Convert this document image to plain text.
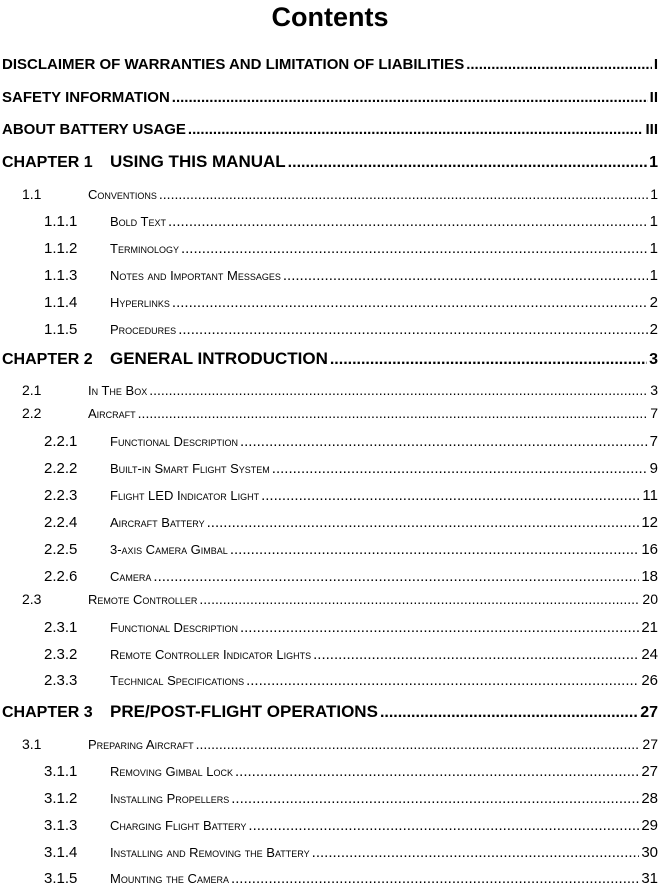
Contents
DISCLAIMER OF WARRANTIES AND LIMITATION OF LIABILITIES .....	I
SAFETY INFORMATION .....	II
ABOUT BATTERY USAGE .....	III
CHAPTER 1	USING THIS MANUAL .....	1
1.1	Conventions .....	1
1.1.1	Bold Text .....	1
1.1.2	Terminology .....	1
1.1.3	Notes and Important Messages .....	1
1.1.4	Hyperlinks .....	2
1.1.5	Procedures .....	2
CHAPTER 2	GENERAL INTRODUCTION .....	3
2.1	In The Box .....	3
2.2	Aircraft .....	7
2.2.1	Functional Description .....	7
2.2.2	Built-in Smart Flight System .....	9
2.2.3	Flight LED Indicator Light .....	11
2.2.4	Aircraft Battery .....	12
2.2.5	3-axis Camera Gimbal .....	16
2.2.6	Camera .....	18
2.3	Remote Controller .....	20
2.3.1	Functional Description .....	21
2.3.2	Remote Controller Indicator Lights .....	24
2.3.3	Technical Specifications .....	26
CHAPTER 3	PRE/POST-FLIGHT OPERATIONS .....	27
3.1	Preparing Aircraft .....	27
3.1.1	Removing Gimbal Lock .....	27
3.1.2	Installing Propellers .....	28
3.1.3	Charging Flight Battery .....	29
3.1.4	Installing and Removing the Battery .....	30
3.1.5	Mounting the Camera .....	31
